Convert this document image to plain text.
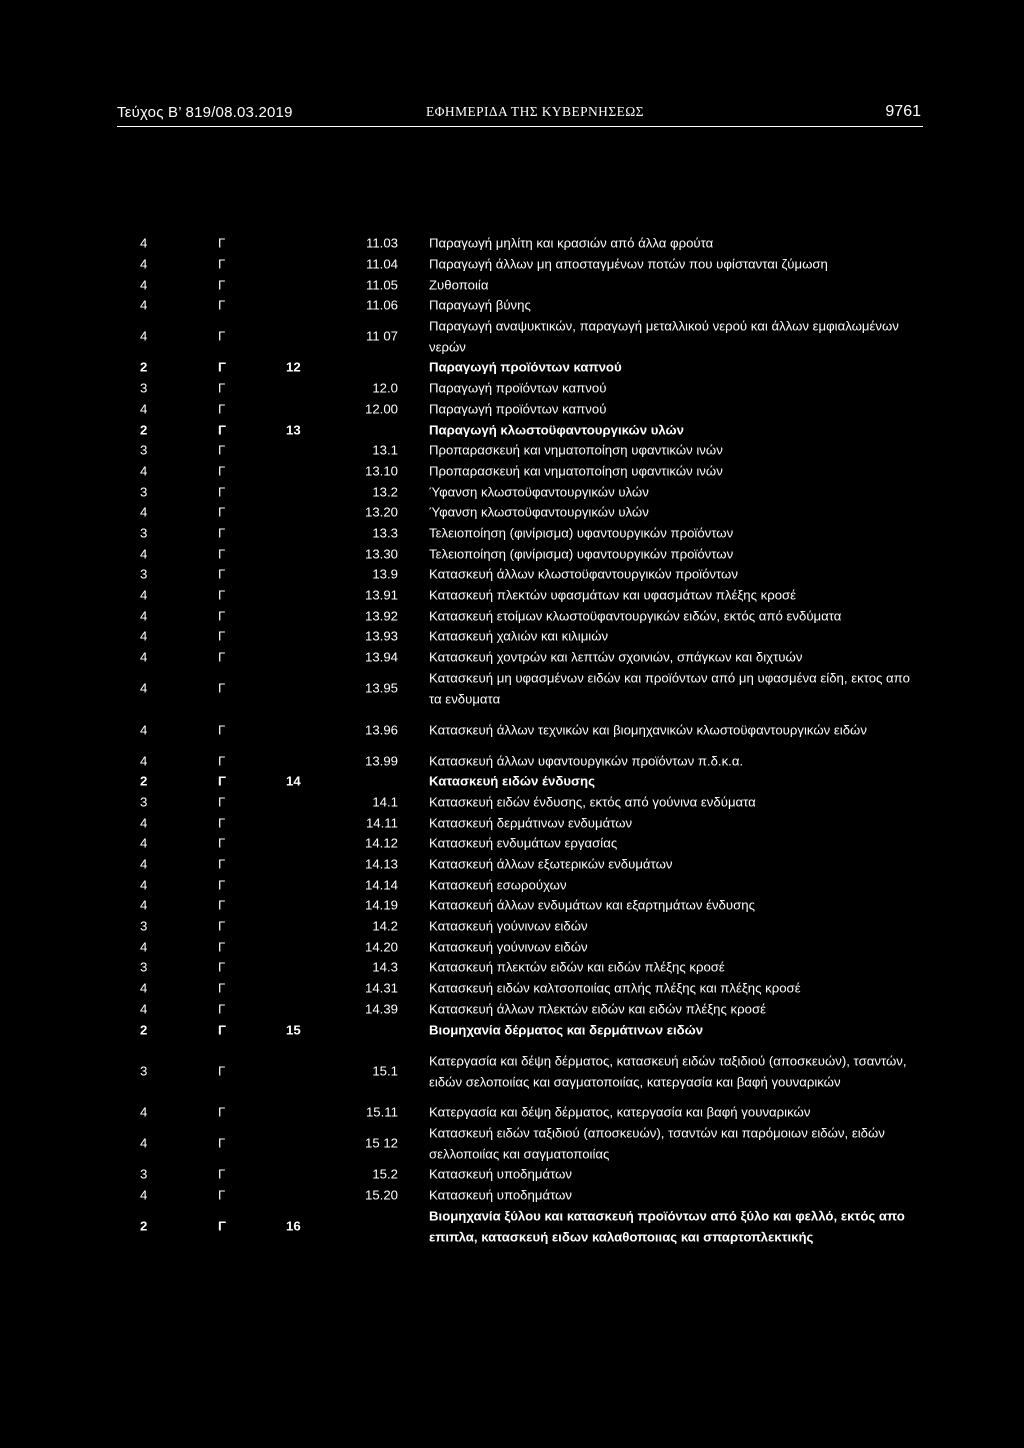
Τεύχος Β’ 819/08.03.2019	ΕΦΗΜΕΡΙΔΑ ΤΗΣ ΚΥΒΕΡΝΗΣΕΩΣ	9761
4	Γ	11.03 Παραγωγή μηλίτη και κρασιών από άλλα φρούτα
4	Γ	11.04 Παραγωγή άλλων μη αποσταγμένων ποτών που υφίστανται ζύμωση
4	Γ	11.05 Ζυθοποιία
4	Γ	11.06 Παραγωγή βύνης
4	Γ	11 07
Παραγωγή αναψυκτικών, παραγωγή μεταλλικού νερού και άλλων εμφιαλωμένων νερών
2	Γ	12	Παραγωγή προϊόντων καπνού
3	Γ	12.0 Παραγωγή προϊόντων καπνού
4	Γ	12.00 Παραγωγή προϊόντων καπνού
2	Γ	13	Παραγωγή κλωστοϋφαντουργικών υλών
3	Γ	13.1 Προπαρασκευή και νηματοποίηση υφαντικών ινών
4	Γ	13.10 Προπαρασκευή και νηματοποίηση υφαντικών ινών
3	Γ	13.2 Ύφανση κλωστοϋφαντουργικών υλών
4	Γ	13.20 Ύφανση κλωστοϋφαντουργικών υλών
3	Γ	13.3 Τελειοποίηση (φινίρισμα) υφαντουργικών προϊόντων
4	Γ	13.30 Τελειοποίηση (φινίρισμα) υφαντουργικών προϊόντων
3	Γ	13.9 Κατασκευή άλλων κλωστοϋφαντουργικών προϊόντων
4	Γ	13.91 Κατασκευή πλεκτών υφασμάτων και υφασμάτων πλέξης κροσέ
4	Γ	13.92 Κατασκευή ετοίμων κλωστοϋφαντουργικών ειδών, εκτός από ενδύματα
4	Γ	13.93 Κατασκευή χαλιών και κιλιμιών
4	Γ	13.94 Κατασκευή χοντρών και λεπτών σχοινιών, σπάγκων και διχτυών
4	Γ	13.95
Κατασκευή μη υφασμένων ειδών και προϊόντων από μη υφασμένα είδη, εκτος απο τα ενδυματα
4	Γ	13.96 Κατασκευή άλλων τεχνικών και βιομηχανικών κλωστοϋφαντουργικών ειδών
4	Γ	13.99 Κατασκευή άλλων υφαντουργικών προϊόντων π.δ.κ.α.
2	Γ	14	Κατασκευή ειδών ένδυσης
3	Γ	14.1 Κατασκευή ειδών ένδυσης, εκτός από γούνινα ενδύματα
4	Γ	14.11 Κατασκευή δερμάτινων ενδυμάτων
4	Γ	14.12 Κατασκευή ενδυμάτων εργασίας
4	Γ	14.13 Κατασκευή άλλων εξωτερικών ενδυμάτων
4	Γ	14.14 Κατασκευή εσωρούχων
4	Γ	14.19 Κατασκευή άλλων ενδυμάτων και εξαρτημάτων ένδυσης
3	Γ	14.2 Κατασκευή γούνινων ειδών
4	Γ	14.20 Κατασκευή γούνινων ειδών
3	Γ	14.3 Κατασκευή πλεκτών ειδών και ειδών πλέξης κροσέ
4	Γ	14.31 Κατασκευή ειδών καλτσοποιίας απλής πλέξης και πλέξης κροσέ
4	Γ	14.39 Κατασκευή άλλων πλεκτών ειδών και ειδών πλέξης κροσέ
2	Γ	15	Βιομηχανία δέρματος και δερμάτινων ειδών
3	Γ	15.1
Κατεργασία και δέψη δέρματος, κατασκευή ειδών ταξιδιού (αποσκευών), τσαντών, ειδών σελοποιίας και σαγματοποιίας, κατεργασία και βαφή γουναρικών
4	Γ	15.11 Κατεργασία και δέψη δέρματος, κατεργασία και βαφή γουναρικών
4	Γ	15 12
Κατασκευή ειδών ταξιδιού (αποσκευών), τσαντών και παρόμοιων ειδών, ειδών σελλοποιίας και σαγματοποιίας
3	Γ	15.2 Κατασκευή υποδημάτων
4	Γ	15.20 Κατασκευή υποδημάτων
2	Γ	16
Βιομηχανία ξύλου και κατασκευή προϊόντων από ξύλο και φελλό, εκτός απο επιπλα, κατασκευή ειδων καλαθοποιιας και σπαρτοπλεκτικής
